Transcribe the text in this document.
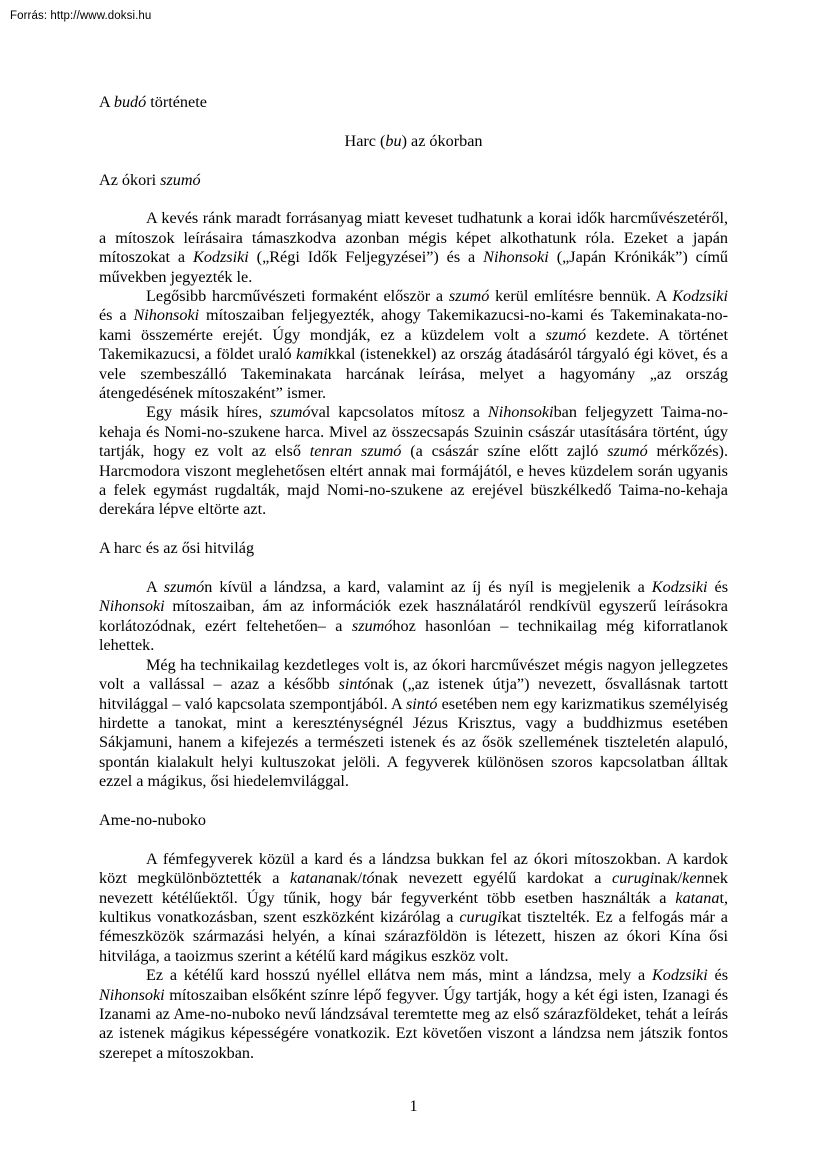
Forrás: http://www.doksi.hu

A budó története

Harc (bu) az ókorban

Az ókori szumó

A kevés ránk maradt forrásanyag miatt keveset tudhatunk a korai idők harcművészetéről, a mítoszok leírásaira támaszkodva azonban mégis képet alkothatunk róla. Ezeket a japán mítoszokat a Kodzsiki („Régi Idők Feljegyzései”) és a Nihonsoki („Japán Krónikák”) című művekben jegyezték le.

Legősibb harcművészeti formaként először a szumó kerül említésre bennük. A Kodzsiki és a Nihonsoki mítoszaiban feljegyezték, ahogy Takemikazucsi-no-kami és Takeminakata-no-kami összemérte erejét. Úgy mondják, ez a küzdelem volt a szumó kezdete. A történet Takemikazucsi, a földet uraló kamikkal (istenekkel) az ország átadásáról tárgyaló égi követ, és a vele szembeszálló Takeminakata harcának leírása, melyet a hagyomány „az ország átengedésének mítoszaként” ismer.

Egy másik híres, szumóval kapcsolatos mítosz a Nihonsokiban feljegyzett Taima-no-kehaja és Nomi-no-szukene harca. Mivel az összecsapás Szuinin császár utasítására történt, úgy tartják, hogy ez volt az első tenran szumó (a császár színe előtt zajló szumó mérkőzés). Harcmodora viszont meglehetősen eltért annak mai formájától, e heves küzdelem során ugyanis a felek egymást rugdalták, majd Nomi-no-szukene az erejével büszkélkedő Taima-no-kehaja derekára lépve eltörte azt.

A harc és az ősi hitvilág

A szumón kívül a lándzsa, a kard, valamint az íj és nyíl is megjelenik a Kodzsiki és Nihonsoki mítoszaiban, ám az információk ezek használatáról rendkívül egyszerű leírásokra korlátozódnak, ezért feltehetően– a szumóhoz hasonlóan – technikailag még kiforratlanok lehettek.

Még ha technikailag kezdetleges volt is, az ókori harcművészet mégis nagyon jellegzetes volt a vallással – azaz a később sintónak („az istenek útja”) nevezett, ősvallásnak tartott hitvilággal – való kapcsolata szempontjából. A sintó esetében nem egy karizmatikus személyiség hirdette a tanokat, mint a kereszténységnél Jézus Krisztus, vagy a buddhizmus esetében Sákjamuni, hanem a kifejezés a természeti istenek és az ősök szellemének tiszteletén alapuló, spontán kialakult helyi kultuszokat jelöli. A fegyverek különösen szoros kapcsolatban álltak ezzel a mágikus, ősi hiedelemvilággal.

Ame-no-nuboko

A fémfegyverek közül a kard és a lándzsa bukkan fel az ókori mítoszokban. A kardok közt megkülönböztették a katananak/tónak nevezett egyélű kardokat a curuginak/kennek nevezett kétélűektől. Úgy tűnik, hogy bár fegyverként több esetben használták a katanat, kultikus vonatkozásban, szent eszközként kizárólag a curugikat tisztelték. Ez a felfogás már a fémeszközök származási helyén, a kínai szárazföldön is létezett, hiszen az ókori Kína ősi hitvilága, a taoizmus szerint a kétélű kard mágikus eszköz volt.

Ez a kétélű kard hosszú nyéllel ellátva nem más, mint a lándzsa, mely a Kodzsiki és Nihonsoki mítoszaiban elsőként színre lépő fegyver. Úgy tartják, hogy a két égi isten, Izanagi és Izanami az Ame-no-nuboko nevű lándzsával teremtette meg az első szárazföldeket, tehát a leírás az istenek mágikus képességére vonatkozik. Ezt követően viszont a lándzsa nem játszik fontos szerepet a mítoszokban.

1
